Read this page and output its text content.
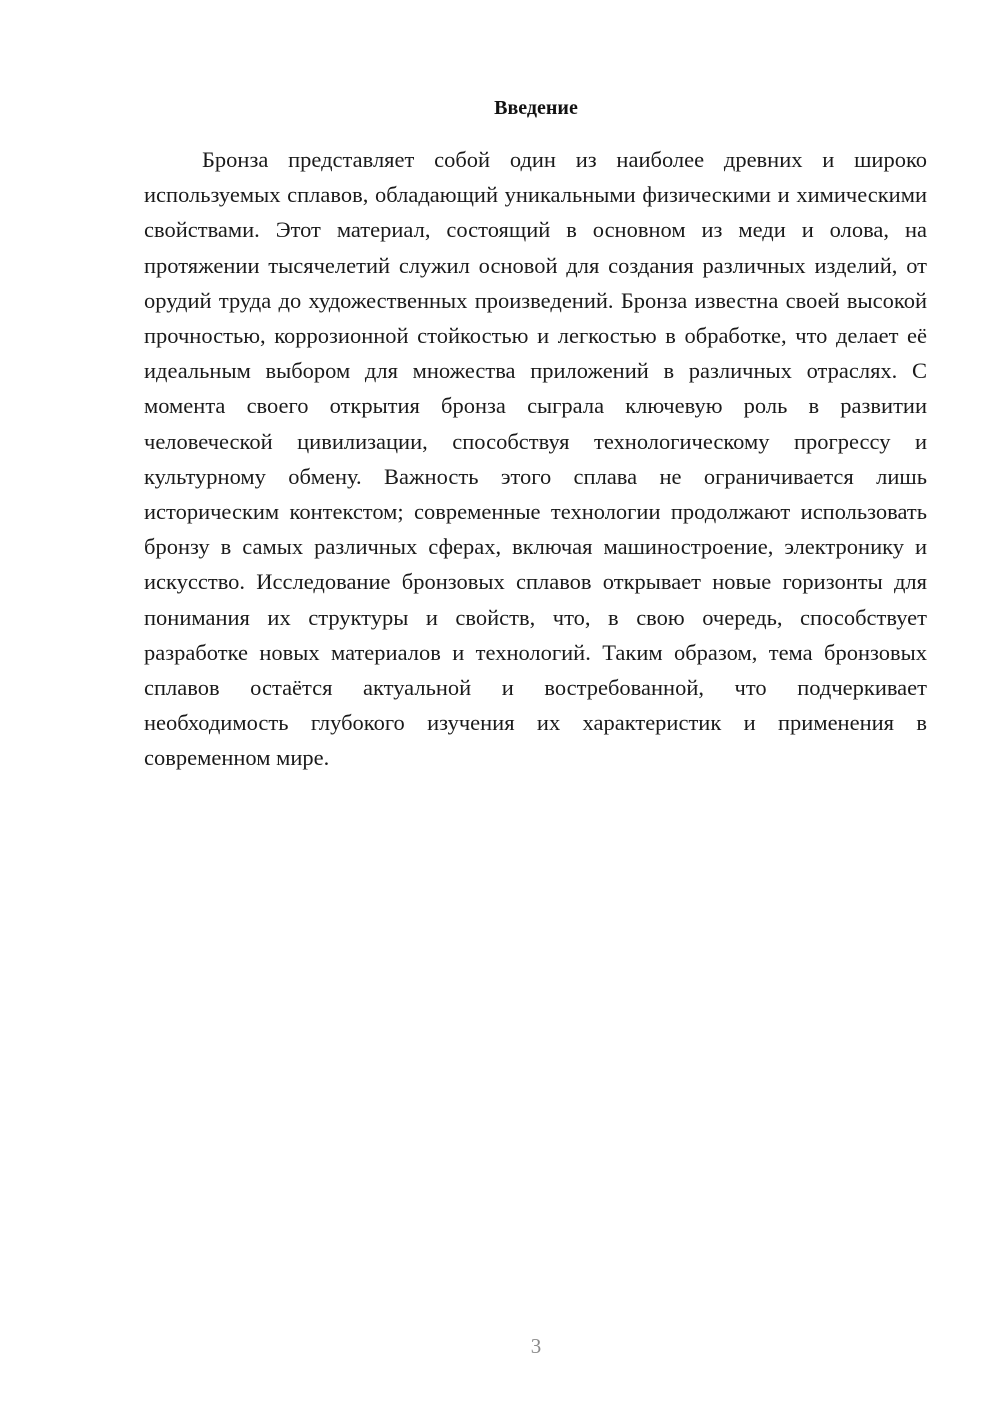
Введение

Бронза представляет собой один из наиболее древних и широко используемых сплавов, обладающий уникальными физическими и химическими свойствами. Этот материал, состоящий в основном из меди и олова, на протяжении тысячелетий служил основой для создания различных изделий, от орудий труда до художественных произведений. Бронза известна своей высокой прочностью, коррозионной стойкостью и легкостью в обработке, что делает её идеальным выбором для множества приложений в различных отраслях. С момента своего открытия бронза сыграла ключевую роль в развитии человеческой цивилизации, способствуя технологическому прогрессу и культурному обмену. Важность этого сплава не ограничивается лишь историческим контекстом; современные технологии продолжают использовать бронзу в самых различных сферах, включая машиностроение, электронику и искусство. Исследование бронзовых сплавов открывает новые горизонты для понимания их структуры и свойств, что, в свою очередь, способствует разработке новых материалов и технологий. Таким образом, тема бронзовых сплавов остаётся актуальной и востребованной, что подчеркивает необходимость глубокого изучения их характеристик и применения в современном мире.

3
